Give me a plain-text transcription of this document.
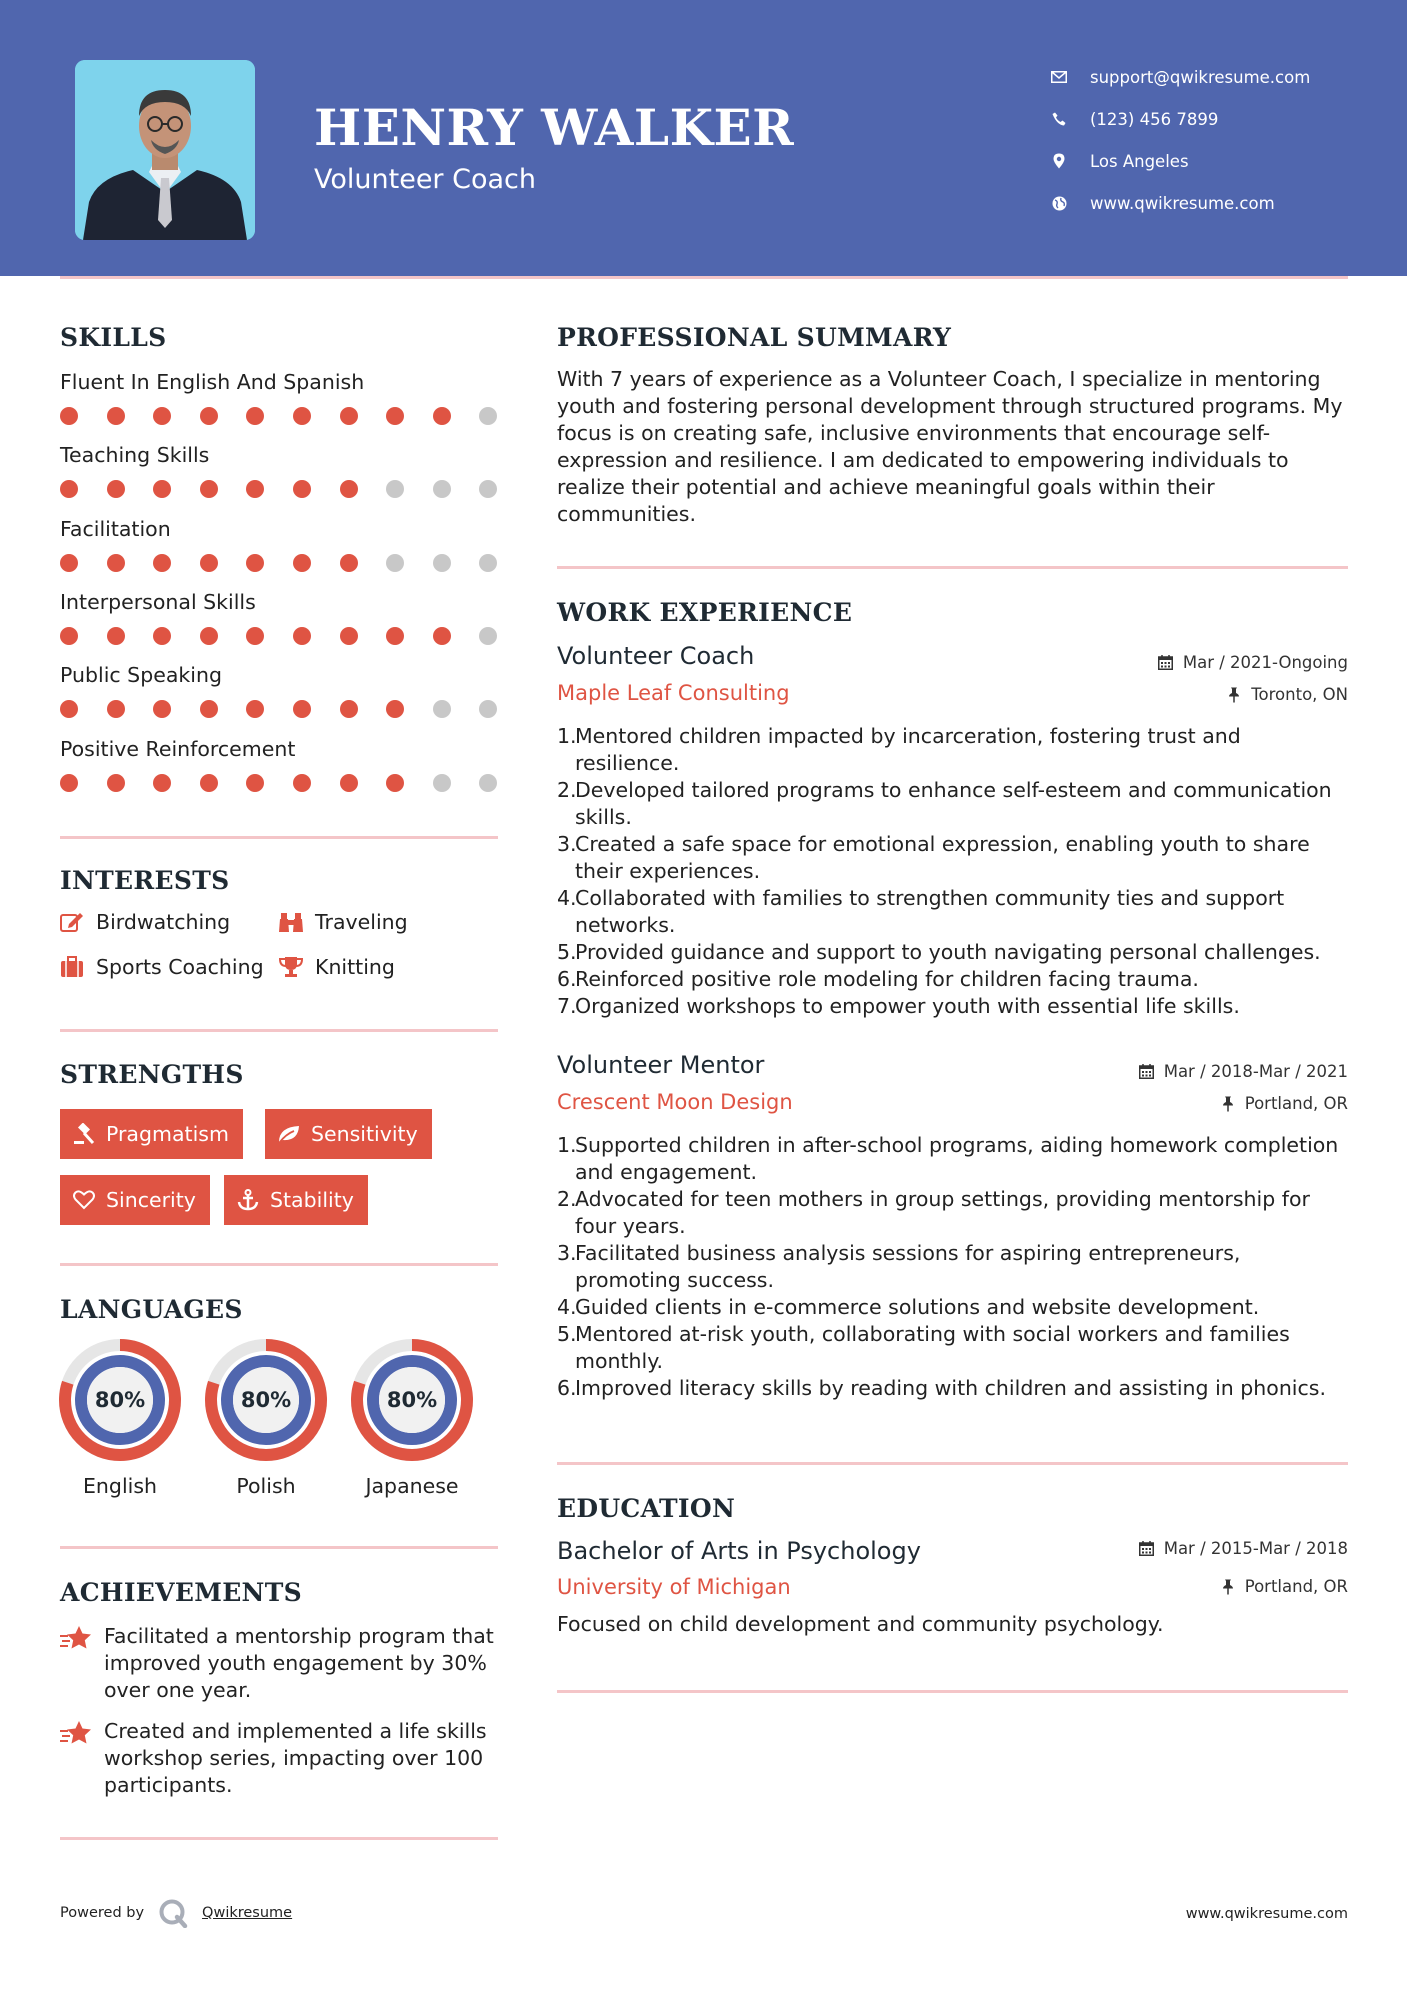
HENRY WALKER
Volunteer Coach
support@qwikresume.com
(123) 456 7899
Los Angeles
www.qwikresume.com
SKILLS
Fluent In English And Spanish
Teaching Skills
Facilitation
Interpersonal Skills
Public Speaking
Positive Reinforcement
INTERESTS
Birdwatching	Traveling
Sports Coaching	Knitting
STRENGTHS
Pragmatism	Sensitivity
Sincerity	Stability
LANGUAGES
80%
English
80%
Polish
80%
Japanese
ACHIEVEMENTS
Facilitated a mentorship program that improved youth engagement by 30% over one year.
Created and implemented a life skills workshop series, impacting over 100 participants.
PROFESSIONAL SUMMARY
With 7 years of experience as a Volunteer Coach, I specialize in mentoring youth and fostering personal development through structured programs. My focus is on creating safe, inclusive environments that encourage self-expression and resilience. I am dedicated to empowering individuals to realize their potential and achieve meaningful goals within their communities.
WORK EXPERIENCE
Volunteer Coach	Mar / 2021-Ongoing
Maple Leaf Consulting	Toronto, ON
1.
Mentored children impacted by incarceration, fostering trust and resilience.
2.
Developed tailored programs to enhance self-esteem and communication skills.
3.
Created a safe space for emotional expression, enabling youth to share their experiences.
4.
Collaborated with families to strengthen community ties and support networks.
5.
Provided guidance and support to youth navigating personal challenges.
6.
Reinforced positive role modeling for children facing trauma.
7.
Organized workshops to empower youth with essential life skills.
Volunteer Mentor	Mar / 2018-Mar / 2021
Crescent Moon Design	Portland, OR
1.
Supported children in after-school programs, aiding homework completion and engagement.
2.
Advocated for teen mothers in group settings, providing mentorship for four years.
3.
Facilitated business analysis sessions for aspiring entrepreneurs, promoting success.
4.
Guided clients in e-commerce solutions and website development.
5.
Mentored at-risk youth, collaborating with social workers and families monthly.
6.
Improved literacy skills by reading with children and assisting in phonics.
EDUCATION
Bachelor of Arts in Psychology	Mar / 2015-Mar / 2018
University of Michigan	Portland, OR
Focused on child development and community psychology.
Powered by	Qwikresume	www.qwikresume.com
